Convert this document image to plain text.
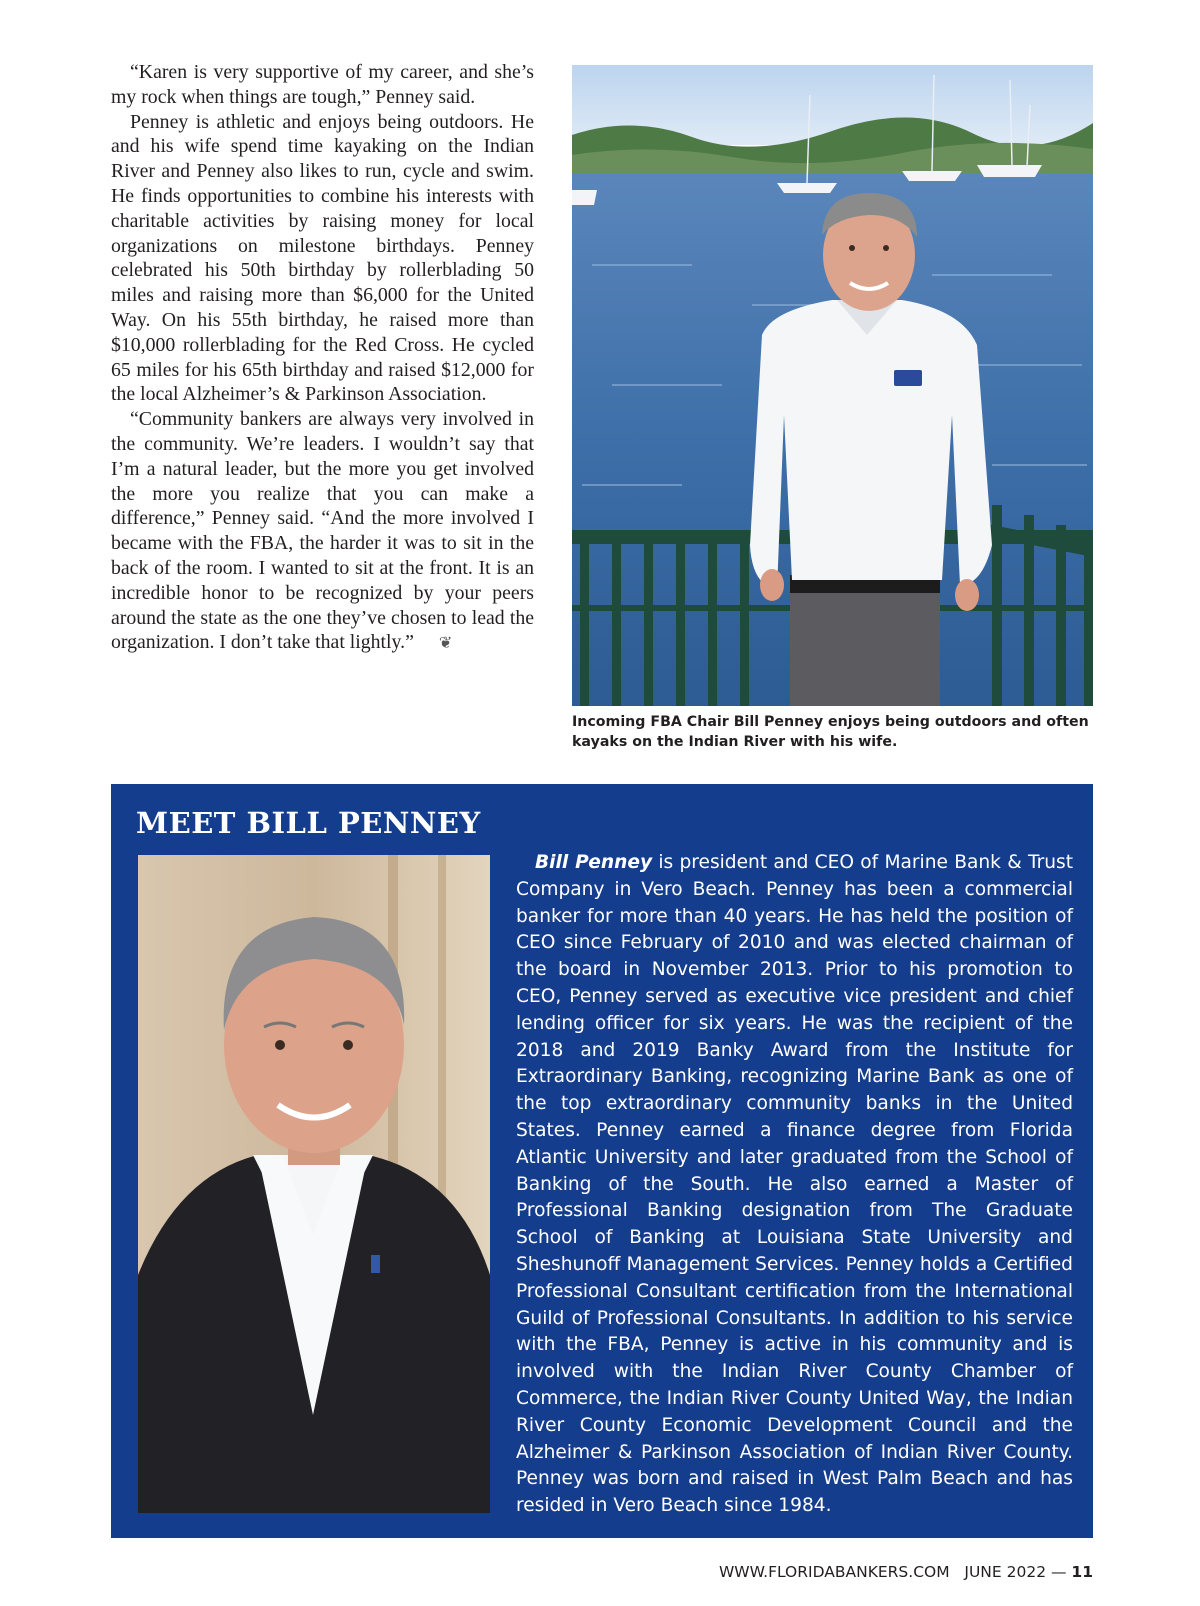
“Karen is very supportive of my career, and she’s my rock when things are tough,” Penney said.

Penney is athletic and enjoys being outdoors. He and his wife spend time kayaking on the Indian River and Penney also likes to run, cycle and swim. He finds opportunities to combine his interests with charitable activities by raising money for local organizations on milestone birthdays. Penney celebrated his 50th birthday by rollerblading 50 miles and raising more than $6,000 for the United Way. On his 55th birthday, he raised more than $10,000 rollerblading for the Red Cross. He cycled 65 miles for his 65th birthday and raised $12,000 for the local Alzheimer’s & Parkinson Association.

“Community bankers are always very involved in the community. We’re leaders. I wouldn’t say that I’m a natural leader, but the more you get involved the more you realize that you can make a difference,” Penney said. “And the more involved I became with the FBA, the harder it was to sit in the back of the room. I wanted to sit at the front. It is an incredible honor to be recognized by your peers around the state as the one they’ve chosen to lead the organization. I don’t take that lightly.” ❦

Incoming FBA Chair Bill Penney enjoys being outdoors and often kayaks on the Indian River with his wife.
MEET BILL PENNEY

Bill Penney is president and CEO of Marine Bank & Trust Company in Vero Beach. Penney has been a commercial banker for more than 40 years. He has held the position of CEO since February of 2010 and was elected chairman of the board in November 2013. Prior to his promotion to CEO, Penney served as executive vice president and chief lending officer for six years. He was the recipient of the 2018 and 2019 Banky Award from the Institute for Extraordinary Banking, recognizing Marine Bank as one of the top extraordinary community banks in the United States. Penney earned a finance degree from Florida Atlantic University and later graduated from the School of Banking of the South. He also earned a Master of Professional Banking designation from The Graduate School of Banking at Louisiana State University and Sheshunoff Management Services. Penney holds a Certified Professional Consultant certification from the International Guild of Professional Consultants. In addition to his service with the FBA, Penney is active in his community and is involved with the Indian River County Chamber of Commerce, the Indian River County United Way, the Indian River County Economic Development Council and the Alzheimer & Parkinson Association of Indian River County. Penney was born and raised in West Palm Beach and has resided in Vero Beach since 1984.

WWW.FLORIDABANKERS.COM JUNE 2022 — 11
